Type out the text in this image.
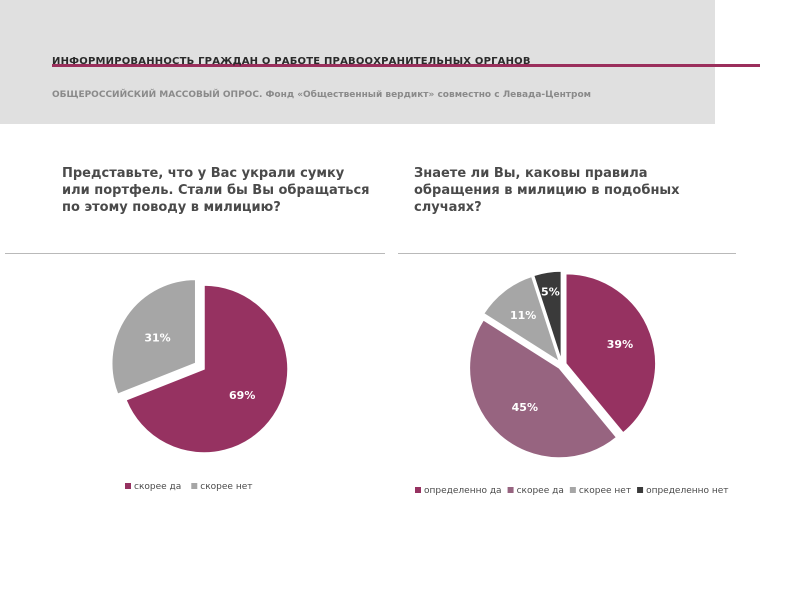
ИНФОРМИРОВАННОСТЬ ГРАЖДАН О РАБОТЕ ПРАВООХРАНИТЕЛЬНЫХ ОРГАНОВ
ОБЩЕРОССИЙСКИЙ МАССОВЫЙ ОПРОС. Фонд «Общественный вердикт» совместно с Левада-Центром
Представьте, что у Вас украли сумку или портфель. Стали бы Вы обращаться по этому поводу в милицию?
Знаете ли Вы, каковы правила обращения в милицию в подобных случаях?
69%
31%
скорее да скорее нет
39%
45%
11%
5%
определенно да скорее да скорее нет определенно нет
